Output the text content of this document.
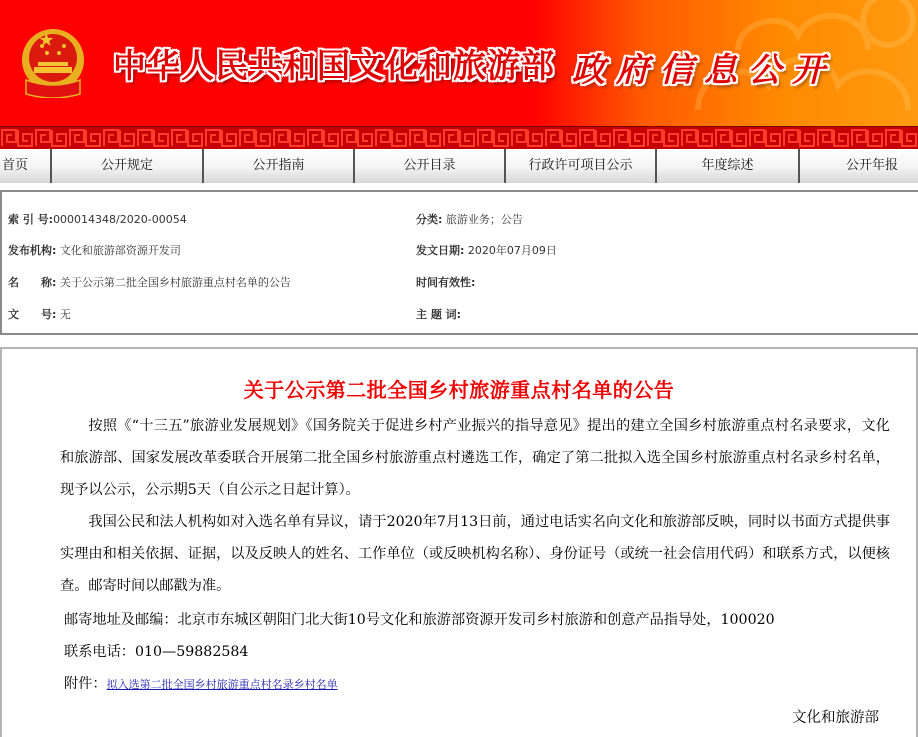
中华人民共和国文化和旅游部 政府信息公开
首页	公开规定	公开指南	公开目录	行政许可项目公示	年度综述	公开年报
索 引 号:000014348/2020-00054	分类: 旅游业务；公告
发布机构: 文化和旅游部资源开发司	发文日期: 2020年07月09日
名　　称: 关于公示第二批全国乡村旅游重点村名单的公告	时间有效性:
文　　号: 无	主 题 词:
关于公示第二批全国乡村旅游重点村名单的公告
按照《“十三五”旅游业发展规划》《国务院关于促进乡村产业振兴的指导意见》提出的建立全国乡村旅游重点村名录要求，文化和旅游部、国家发展改革委联合开展第二批全国乡村旅游重点村遴选工作，确定了第二批拟入选全国乡村旅游重点村名录乡村名单，现予以公示，公示期5天（自公示之日起计算）。
我国公民和法人机构如对入选名单有异议，请于2020年7月13日前，通过电话实名向文化和旅游部反映，同时以书面方式提供事实理由和相关依据、证据，以及反映人的姓名、工作单位（或反映机构名称）、身份证号（或统一社会信用代码）和联系方式，以便核查。邮寄时间以邮戳为准。
邮寄地址及邮编：北京市东城区朝阳门北大街10号文化和旅游部资源开发司乡村旅游和创意产品指导处，100020
联系电话：010—59882584
附件：拟入选第二批全国乡村旅游重点村名录乡村名单
文化和旅游部
